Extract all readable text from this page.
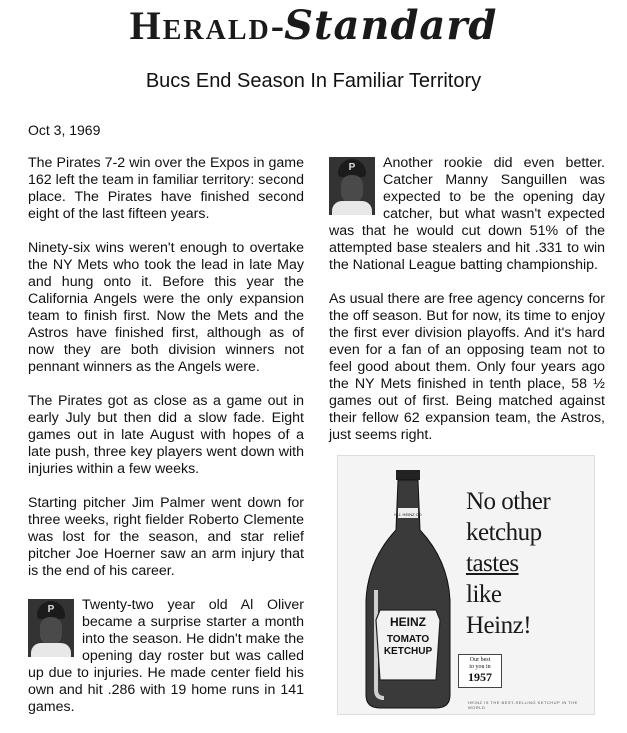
Herald-Standard
Bucs End Season In Familiar Territory
Oct 3, 1969

The Pirates 7-2 win over the Expos in game 162 left the team in familiar territory: second place. The Pirates have finished second eight of the last fifteen years.

Ninety-six wins weren't enough to overtake the NY Mets who took the lead in late May and hung onto it. Before this year the California Angels were the only expansion team to finish first. Now the Mets and the Astros have finished first, although as of now they are both division winners not pennant winners as the Angels were.

The Pirates got as close as a game out in early July but then did a slow fade. Eight games out in late August with hopes of a late push, three key players went down with injuries within a few weeks.

Starting pitcher Jim Palmer went down for three weeks, right fielder Roberto Clemente was lost for the season, and star relief pitcher Joe Hoerner saw an arm injury that is the end of his career.

P	Twenty-two year old Al Oliver became a surprise starter a month into the season. He didn't make the opening day roster but was called up due to injuries. He made center field his own and hit .286 with 19 home runs in 141 games.

P	Another rookie did even better. Catcher Manny Sanguillen was expected to be the opening day catcher, but what wasn't expected was that he would cut down 51% of the attempted base stealers and hit .331 to win the National League batting championship.

As usual there are free agency concerns for the off season. But for now, its time to enjoy the first ever division playoffs. And it's hard even for a fan of an opposing team not to feel good about them. Only four years ago the NY Mets finished in tenth place, 58 ½ games out of first. Being matched against their fellow 62 expansion team, the Astros, just seems right.

HEINZ
TOMATO
KETCHUP
H.J. HEINZ CO No other
ketchup
tastes
like
Heinz!
Our best
to you in
1957
HEINZ IS THE BEST-SELLING KETCHUP IN THE WORLD
